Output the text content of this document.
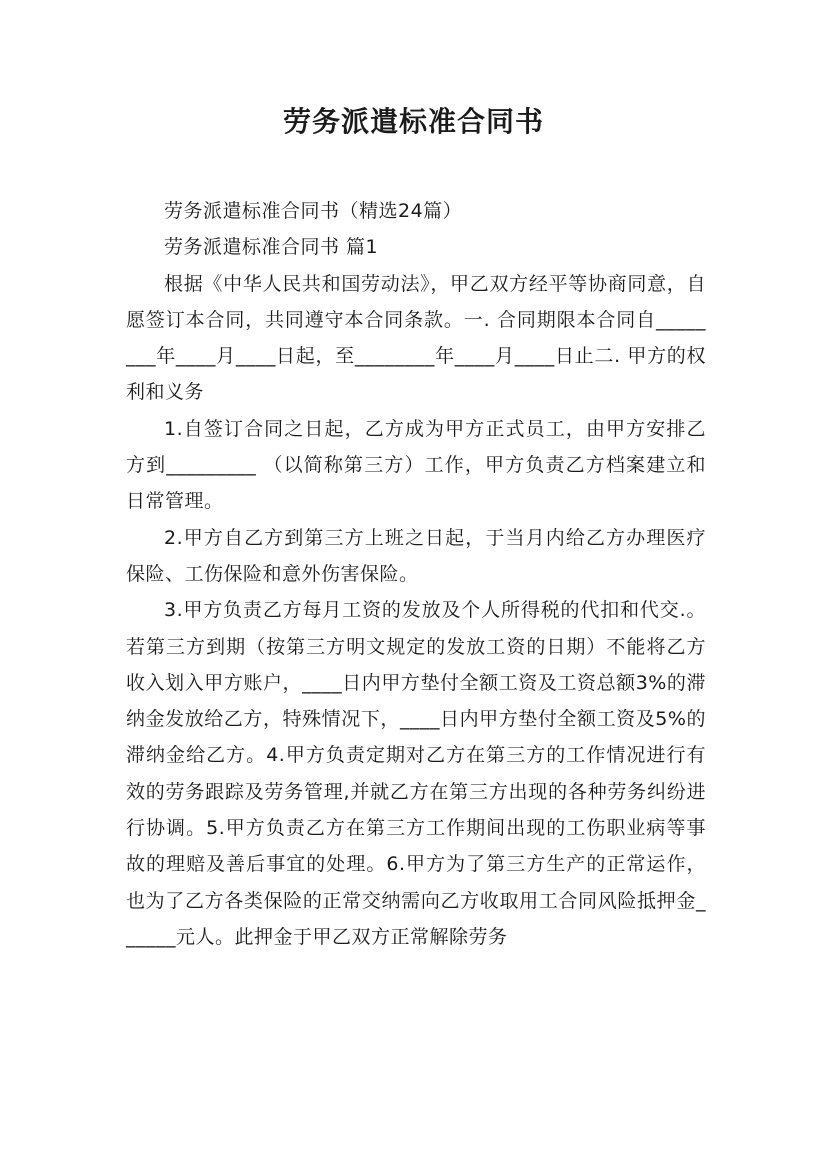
劳务派遣标准合同书

劳务派遣标准合同书（精选24篇）

劳务派遣标准合同书 篇1

根据《中华人民共和国劳动法》，甲乙双方经平等协商同意，自愿签订本合同，共同遵守本合同条款。一. 合同期限本合同自________年____月____日起，至________年____月____日止二. 甲方的权利和义务

1.自签订合同之日起，乙方成为甲方正式员工，由甲方安排乙方到_________ （以简称第三方）工作，甲方负责乙方档案建立和日常管理。

2.甲方自乙方到第三方上班之日起，于当月内给乙方办理医疗保险、工伤保险和意外伤害保险。

3.甲方负责乙方每月工资的发放及个人所得税的代扣和代交.。若第三方到期（按第三方明文规定的发放工资的日期）不能将乙方收入划入甲方账户，____日内甲方垫付全额工资及工资总额3%的滞纳金发放给乙方，特殊情况下，____日内甲方垫付全额工资及5%的滞纳金给乙方。4.甲方负责定期对乙方在第三方的工作情况进行有效的劳务跟踪及劳务管理,并就乙方在第三方出现的各种劳务纠纷进行协调。5.甲方负责乙方在第三方工作期间出现的工伤职业病等事故的理赔及善后事宜的处理。6.甲方为了第三方生产的正常运作，也为了乙方各类保险的正常交纳需向乙方收取用工合同风险抵押金______元人。此押金于甲乙双方正常解除劳务
